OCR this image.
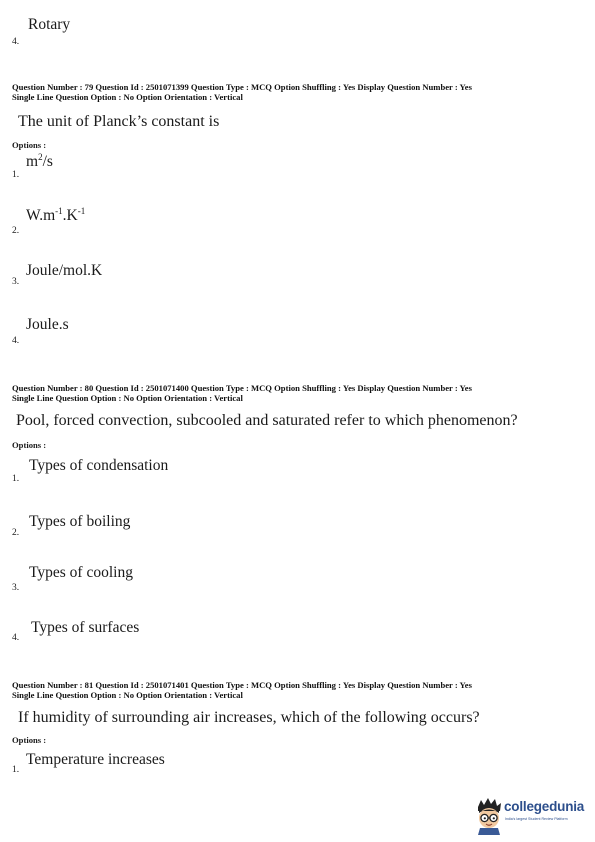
Rotary
4.
Question Number : 79 Question Id : 2501071399 Question Type : MCQ Option Shuffling : Yes Display Question Number : Yes
Single Line Question Option : No Option Orientation : Vertical
The unit of Planck’s constant is
Options :
$m^2/s$
1.
$W.m^{-1}.K^{-1}$
2.
Joule/mol.K
3.
Joule.s
4.
Question Number : 80 Question Id : 2501071400 Question Type : MCQ Option Shuffling : Yes Display Question Number : Yes
Single Line Question Option : No Option Orientation : Vertical
Pool, forced convection, subcooled and saturated refer to which phenomenon?
Options :
Types of condensation
1.
Types of boiling
2.
Types of cooling
3.
Types of surfaces
4.
Question Number : 81 Question Id : 2501071401 Question Type : MCQ Option Shuffling : Yes Display Question Number : Yes
Single Line Question Option : No Option Orientation : Vertical
If humidity of surrounding air increases, which of the following occurs?
Options :
Temperature increases
1.
collegedunia
India's largest Student Review Platform
